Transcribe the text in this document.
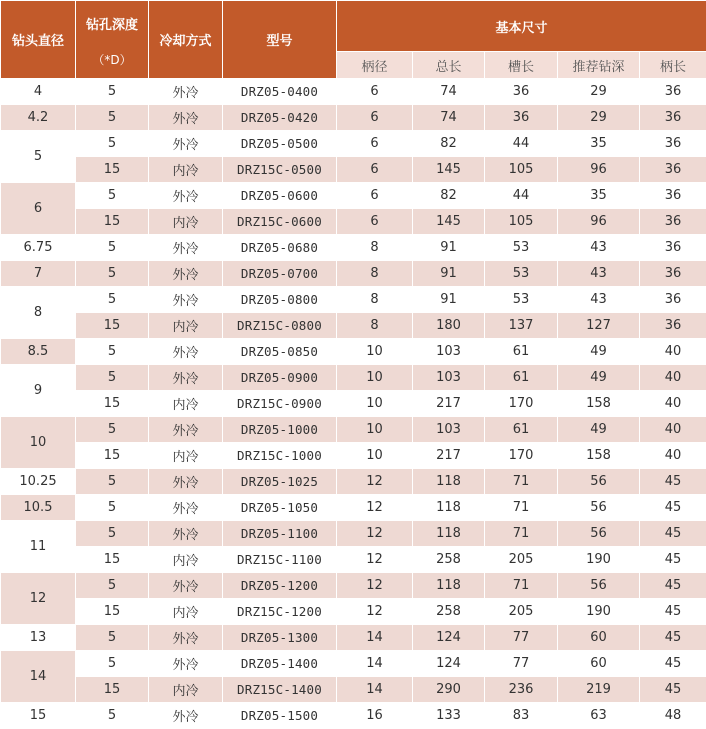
钻头直径	钻孔深度
（*D）	冷却方式	型号	基本尺寸				
				柄径	总长	槽长	推荐钻深	柄长
4	5	外冷	DRZ05-0400	6	74	36	29	36
4.2	5	外冷	DRZ05-0420	6	74	36	29	36
5	5	外冷	DRZ05-0500	6	82	44	35	36
	15	内冷	DRZ15C-0500	6	145	105	96	36
6	5	外冷	DRZ05-0600	6	82	44	35	36
	15	内冷	DRZ15C-0600	6	145	105	96	36
6.75	5	外冷	DRZ05-0680	8	91	53	43	36
7	5	外冷	DRZ05-0700	8	91	53	43	36
8	5	外冷	DRZ05-0800	8	91	53	43	36
	15	内冷	DRZ15C-0800	8	180	137	127	36
8.5	5	外冷	DRZ05-0850	10	103	61	49	40
9	5	外冷	DRZ05-0900	10	103	61	49	40
	15	内冷	DRZ15C-0900	10	217	170	158	40
10	5	外冷	DRZ05-1000	10	103	61	49	40
	15	内冷	DRZ15C-1000	10	217	170	158	40
10.25	5	外冷	DRZ05-1025	12	118	71	56	45
10.5	5	外冷	DRZ05-1050	12	118	71	56	45
11	5	外冷	DRZ05-1100	12	118	71	56	45
	15	内冷	DRZ15C-1100	12	258	205	190	45
12	5	外冷	DRZ05-1200	12	118	71	56	45
	15	内冷	DRZ15C-1200	12	258	205	190	45
13	5	外冷	DRZ05-1300	14	124	77	60	45
14	5	外冷	DRZ05-1400	14	124	77	60	45
	15	内冷	DRZ15C-1400	14	290	236	219	45
15	5	外冷	DRZ05-1500	16	133	83	63	48
